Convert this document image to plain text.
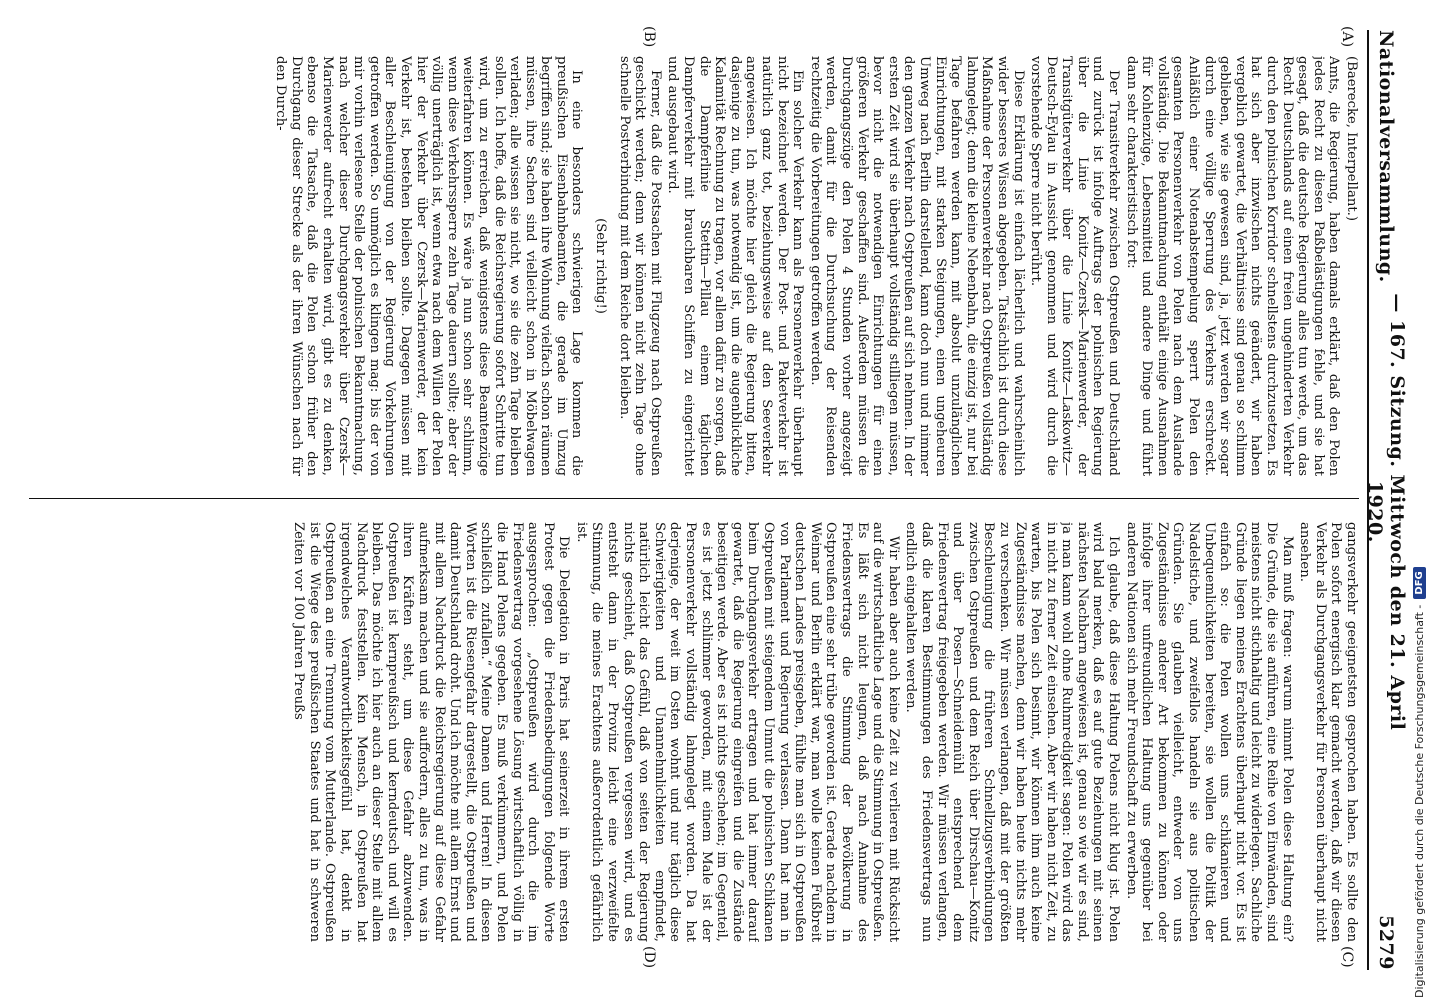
Nationalversammlung.
— 167. Sitzung. Mittwoch den 21. April 1920.
5279
(A)
(B)
(C)
(D)

(Baerecke, Interpellant.)

Amts, die Regierung, haben damals erklärt, daß den Polen jedes Recht zu diesen Paßbelästigungen fehle, und sie hat gesagt, daß die deutsche Regierung alles tun werde, um das Recht Deutschlands auf einen freien ungehinderten Verkehr durch den polnischen Korridor schnellstens durchzusetzen. Es hat sich aber inzwischen nichts geändert, wir haben vergeblich gewartet, die Verhältnisse sind genau so schlimm geblieben, wie sie gewesen sind, ja, jetzt werden wir sogar durch eine völlige Sperrung des Verkehrs erschreckt. Anläßlich einer Notenabstempelung sperrt Polen den gesamten Personenverkehr von Polen nach dem Auslande vollständig. Die Bekanntmachung enthält einige Ausnahmen für Kohlenzüge, Lebensmittel und andere Dinge und führt dann sehr charakteristisch fort:

Der Transitverkehr zwischen Ostpreußen und Deutschland und zurück ist infolge Auftrags der polnischen Regierung über die Linie Konitz—Czersk—Marienwerder, der Transitgüterverkehr über die Linie Konitz—Laskowitz—Deutsch-Eylau in Aussicht genommen und wird durch die vorstehende Sperre nicht berührt.

Diese Erklärung ist einfach lächerlich und wahrscheinlich wider besseres Wissen abgegeben. Tatsächlich ist durch diese Maßnahme der Personenverkehr nach Ostpreußen vollständig lahmgelegt; denn die kleine Nebenbahn, die einzig ist, nur bei Tage befahren werden kann, mit absolut unzulänglichen Einrichtungen, mit starken Steigungen, einen ungeheuren Umweg nach Berlin darstellend, kann doch nun und nimmer den ganzen Verkehr nach Ostpreußen auf sich nehmen. In der ersten Zeit wird sie überhaupt vollständig stilliegen müssen, bevor nicht die notwendigen Einrichtungen für einen größeren Verkehr geschaffen sind. Außerdem müssen die Durchgangszüge den Polen 4 Stunden vorher angezeigt werden, damit für die Durchsuchung der Reisenden rechtzeitig die Vorbereitungen getroffen werden.

Ein solcher Verkehr kann als Personenverkehr überhaupt nicht bezeichnet werden. Der Post- und Paketverkehr ist natürlich ganz tot, beziehungsweise auf den Seeverkehr angewiesen. Ich möchte hier gleich die Regierung bitten, dasjenige zu tun, was notwendig ist, um die augenblickliche Kalamität Rechnung zu tragen, vor allem dafür zu sorgen, daß die Dampferlinie Stettin—Pillau einem täglichen Dampferverkehr mit brauchbaren Schiffen zu eingerichtet und ausgebaut wird.

Ferner, daß die Postsachen mit Flugzeug nach Ostpreußen geschickt werden; denn wir können nicht zehn Tage ohne schnelle Postverbindung mit dem Reiche dort bleiben.

(Sehr richtig!)

In eine besonders schwierigen Lage kommen die preußischen Eisenbahnbeamten, die gerade im Umzug begriffen sind; sie haben ihre Wohnung vielfach schon räumen müssen, ihre Sachen sind vielleicht schon in Möbelwagen verladen; alle wissen sie nicht, wo sie die zehn Tage bleiben sollen. Ich hoffe, daß die Reichsregierung sofort Schritte tun wird, um zu erreichen, daß wenigstens diese Beamtenzüge weiterfahren können. Es wäre ja nun schon sehr schlimm, wenn diese Verkehrssperre zehn Tage dauern sollte; aber der völlig unerträglich ist, wenn etwa nach dem Willen der Polen hier der Verkehr über Czersk—Marienwerder, der kein Verkehr ist, bestehen bleiben sollte. Dagegen müssen mit aller Beschleunigung von der Regierung Vorkehrungen getroffen werden. So unmöglich es klingen mag: bis der von mir vorhin verlesene Stelle der polnischen Bekanntmachung, nach welcher dieser Durchgangsverkehr über Czersk—Marienwerder aufrecht erhalten wird, gibt es zu denken, ebenso die Tatsache, daß die Polen schon früher den Durchgang dieser Strecke als der ihren Wünschen nach für den Durch-

gangsverkehr geeignetsten gesprochen haben. Es sollte den Polen sofort energisch klar gemacht werden, daß wir diesen Verkehr als Durchgangsverkehr für Personen überhaupt nicht ansehen.

Man muß fragen: warum nimmt Polen diese Haltung ein? Die Gründe, die sie anführen, eine Reihe von Einwänden, sind meistens nicht stichhaltig und leicht zu widerlegen. Sachliche Gründe liegen meines Erachtens überhaupt nicht vor. Es ist einfach so: die Polen wollen uns schikanieren und Unbequemlichkeiten bereiten, sie wollen die Politik der Nadelstiche, und zweifellos handeln sie aus politischen Gründen. Sie glauben vielleicht, entweder von uns Zugeständnisse anderer Art bekommen zu können oder infolge ihrer unfreundlichen Haltung uns gegenüber bei anderen Nationen sich mehr Freundschaft zu erwerben.

Ich glaube, daß diese Haltung Polens nicht klug ist. Polen wird bald merken, daß es auf gute Beziehungen mit seinen nächsten Nachbarn angewiesen ist, genau so wie wir es sind, ja man kann wohl ohne Ruhmredigkeit sagen: Polen wird das in nicht zu ferner Zeit einsehen. Aber wir haben nicht Zeit, zu warten, bis Polen sich besinnt, wir können ihm auch keine Zugeständnisse machen, denn wir haben heute nichts mehr zu verschenken. Wir müssen verlangen, daß mit der größten Beschleunigung die früheren Schnellzugsverbindungen zwischen Ostpreußen und dem Reich über Dirschau—Konitz und über Posen—Schneidemühl entsprechend dem Friedensvertrag freigegeben werden. Wir müssen verlangen, daß die klaren Bestimmungen des Friedensvertrags nun endlich eingehalten werden.

Wir haben aber auch keine Zeit zu verlieren mit Rücksicht auf die wirtschaftliche Lage und die Stimmung in Ostpreußen. Es läßt sich nicht leugnen, daß nach Annahme des Friedensvertrags die Stimmung der Bevölkerung in Ostpreußen eine sehr trübe geworden ist. Gerade nachdem in Weimar und Berlin erklärt war, man wolle keinen Fußbreit deutschen Landes preisgeben, fühlte man sich in Ostpreußen von Parlament und Regierung verlassen. Dann hat man in Ostpreußen mit steigendem Unmut die polnischen Schikanen beim Durchgangsverkehr ertragen und hat immer darauf gewartet, daß die Regierung eingreifen und die Zustände beseitigen werde. Aber es ist nichts geschehen; im Gegenteil, es ist jetzt schlimmer geworden, mit einem Male ist der Personenverkehr vollständig lahmgelegt worden. Da hat derjenige, der weit im Osten wohnt und nur täglich diese Schwierigkeiten und Unannehmlichkeiten empfindet, natürlich leicht das Gefühl, daß von seiten der Regierung nichts geschieht, daß Ostpreußen vergessen wird, und es entsteht dann in der Provinz leicht eine verzweifelte Stimmung, die meines Erachtens außerordentlich gefährlich ist.

Die Delegation in Paris hat seinerzeit in ihrem ersten Protest gegen die Friedensbedingungen folgende Worte ausgesprochen: „Ostpreußen wird durch die im Friedensvertrag vorgesehene Lösung wirtschaftlich völlig in die Hand Polens gegeben. Es muß verkümmern, und Polen schließlich zufallen.“ Meine Damen und Herren! In diesen Worten ist die Riesengefahr dargestellt, die Ostpreußen und damit Deutschland droht. Und ich möchte mit allem Ernst und mit allem Nachdruck die Reichsregierung auf diese Gefahr aufmerksam machen und sie auffordern, alles zu tun, was in ihren Kräften steht, um diese Gefahr abzuwenden. Ostpreußen ist kernpreußisch und kerndeutsch und will es bleiben. Das möchte ich hier auch an dieser Stelle mit allem Nachdruck feststellen. Kein Mensch, in Ostpreußen hat irgendwelches Verantwortlichkeitsgefühl hat, denkt in Ostpreußen an eine Trennung vom Mutterlande. Ostpreußen ist die Wiege des preußischen Staates und hat in schweren Zeiten vor 100 Jahren Preußs	Digitalisierung gefördert durch die Deutsche Forschungsgemeinschaft -
DFG
